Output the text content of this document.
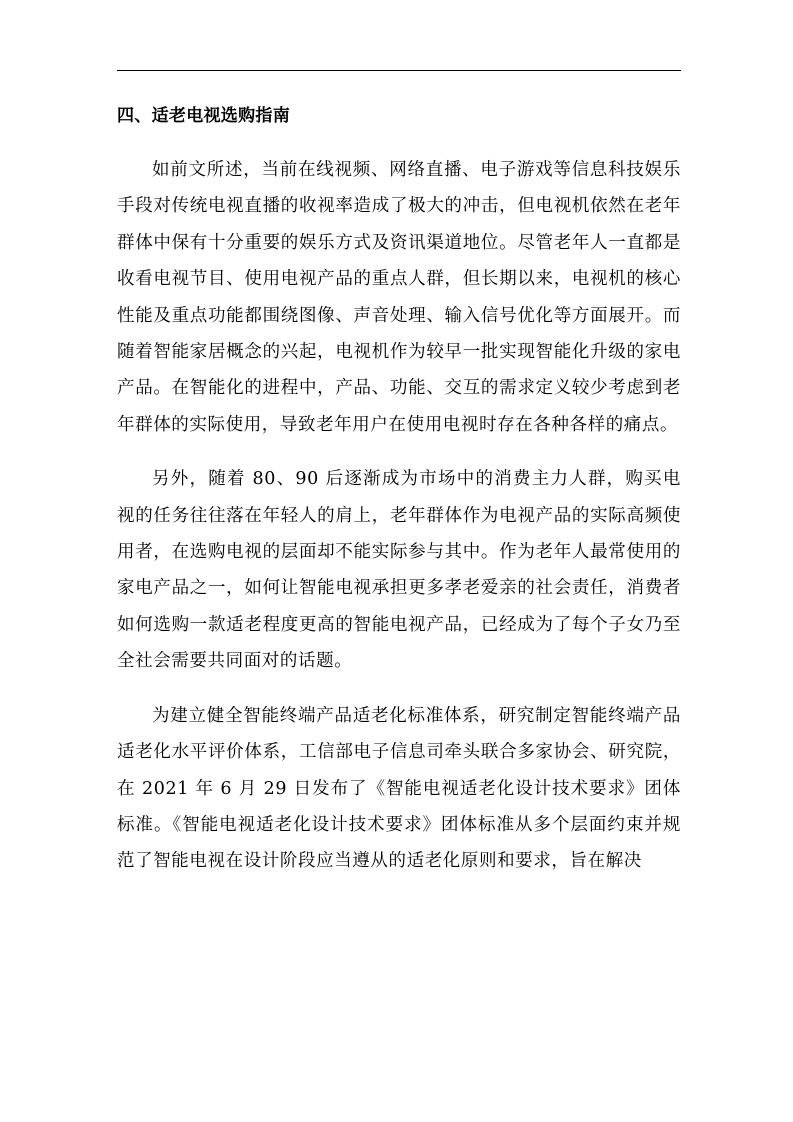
四、适老电视选购指南

如前文所述，当前在线视频、网络直播、电子游戏等信息科技娱乐手段对传统电视直播的收视率造成了极大的冲击，但电视机依然在老年群体中保有十分重要的娱乐方式及资讯渠道地位。尽管老年人一直都是收看电视节目、使用电视产品的重点人群，但长期以来，电视机的核心性能及重点功能都围绕图像、声音处理、输入信号优化等方面展开。而随着智能家居概念的兴起，电视机作为较早一批实现智能化升级的家电产品。在智能化的进程中，产品、功能、交互的需求定义较少考虑到老年群体的实际使用，导致老年用户在使用电视时存在各种各样的痛点。

另外，随着 80、90 后逐渐成为市场中的消费主力人群，购买电视的任务往往落在年轻人的肩上，老年群体作为电视产品的实际高频使用者，在选购电视的层面却不能实际参与其中。作为老年人最常使用的家电产品之一，如何让智能电视承担更多孝老爱亲的社会责任，消费者如何选购一款适老程度更高的智能电视产品，已经成为了每个子女乃至全社会需要共同面对的话题。

为建立健全智能终端产品适老化标准体系，研究制定智能终端产品适老化水平评价体系，工信部电子信息司牵头联合多家协会、研究院，在 2021 年 6 月 29 日发布了《智能电视适老化设计技术要求》团体标准。《智能电视适老化设计技术要求》团体标准从多个层面约束并规范了智能电视在设计阶段应当遵从的适老化原则和要求，旨在解决
